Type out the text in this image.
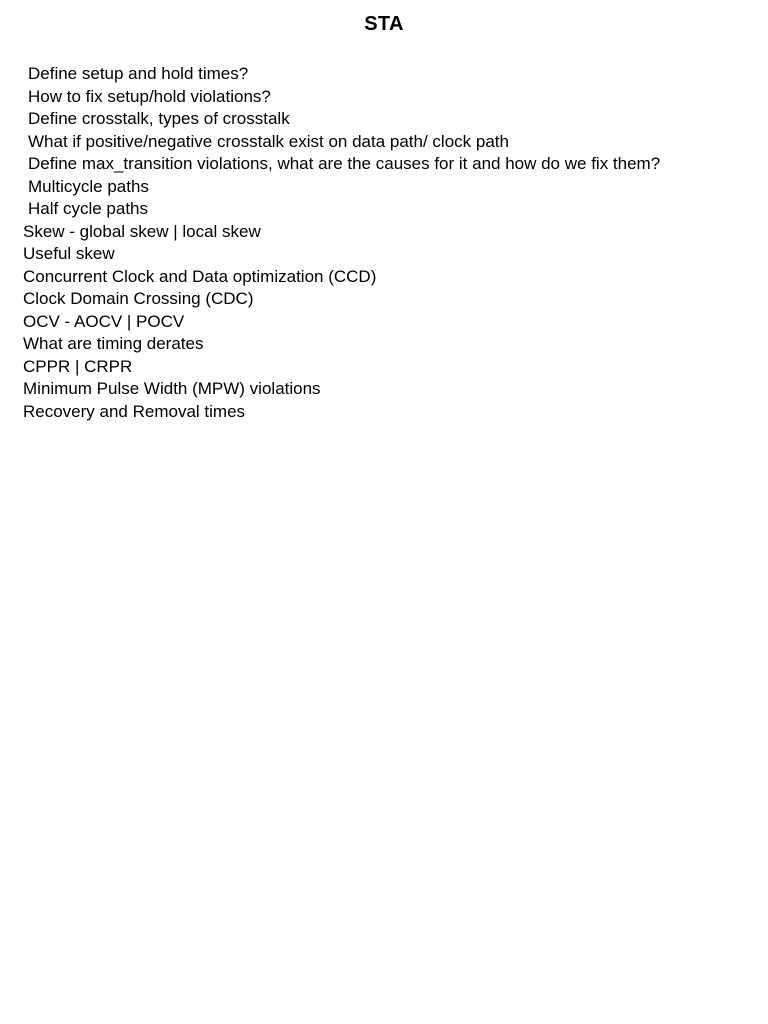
STA
Define setup and hold times?
How to fix setup/hold violations?
Define crosstalk, types of crosstalk
What if positive/negative crosstalk exist on data path/ clock path
Define max_transition violations, what are the causes for it and how do we fix them?
Multicycle paths
Half cycle paths
Skew - global skew | local skew
Useful skew
Concurrent Clock and Data optimization (CCD)
Clock Domain Crossing (CDC)
OCV - AOCV | POCV
What are timing derates
CPPR | CRPR
Minimum Pulse Width (MPW) violations
Recovery and Removal times
